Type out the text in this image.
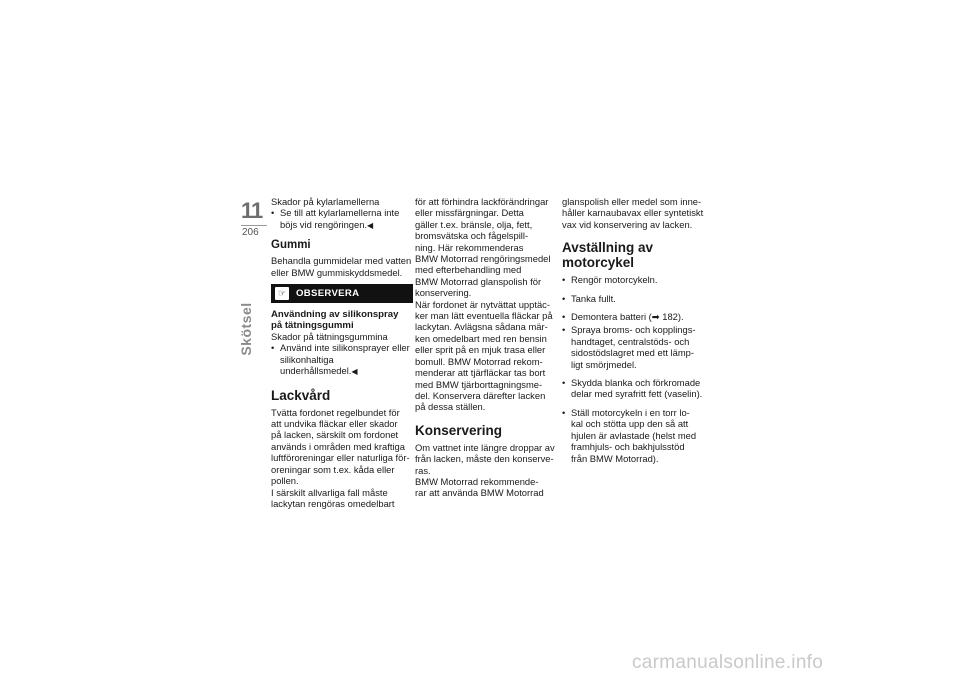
11
206
Skötsel

Skador på kylarlamellerna

• Se till att kylarlamellerna inte
böjs vid rengöringen.◀
Gummi

Behandla gummidelar med vatten
eller BMW gummiskyddsmedel.

☞	OBSERVERA
Användning av silikonspray
på tätningsgummi

Skador på tätningsgummina

• Använd inte silikonsprayer eller
silikonhaltiga underhållsmedel.◀
Lackvård

Tvätta fordonet regelbundet för
att undvika fläckar eller skador
på lacken, särskilt om fordonet
används i områden med kraftiga
luftföroreningar eller naturliga för-
oreningar som t.ex. kåda eller
pollen.
I särskilt allvarliga fall måste
lackytan rengöras omedelbart

för att förhindra lackförändringar
eller missfärgningar. Detta
gäller t.ex. bränsle, olja, fett,
bromsvätska och fågelspill-
ning. Här rekommenderas
BMW Motorrad rengöringsmedel
med efterbehandling med
BMW Motorrad glanspolish för
konservering.
När fordonet är nytvättat upptäc-
ker man lätt eventuella fläckar på
lackytan. Avlägsna sådana mär-
ken omedelbart med ren bensin
eller sprit på en mjuk trasa eller
bomull. BMW Motorrad rekom-
menderar att tjärfläckar tas bort
med BMW tjärborttagningsme-
del. Konservera därefter lacken
på dessa ställen.

Konservering

Om vattnet inte längre droppar av
från lacken, måste den konserve-
ras.
BMW Motorrad rekommende-
rar att använda BMW Motorrad

glanspolish eller medel som inne-
håller karnaubavax eller syntetiskt
vax vid konservering av lacken.

Avställning av
motorcykel
• Rengör motorcykeln.
• Tanka fullt.
• Demontera batteri (➡ 182).
• Spraya broms- och kopplings-
handtaget, centralstöds- och
sidostödslagret med ett lämp-
ligt smörjmedel.
• Skydda blanka och förkromade
delar med syrafritt fett (vaselin).
• Ställ motorcykeln i en torr lo-
kal och stötta upp den så att
hjulen är avlastade (helst med
framhjuls- och bakhjulsstöd
från BMW Motorrad).
carmanualsonline.info
